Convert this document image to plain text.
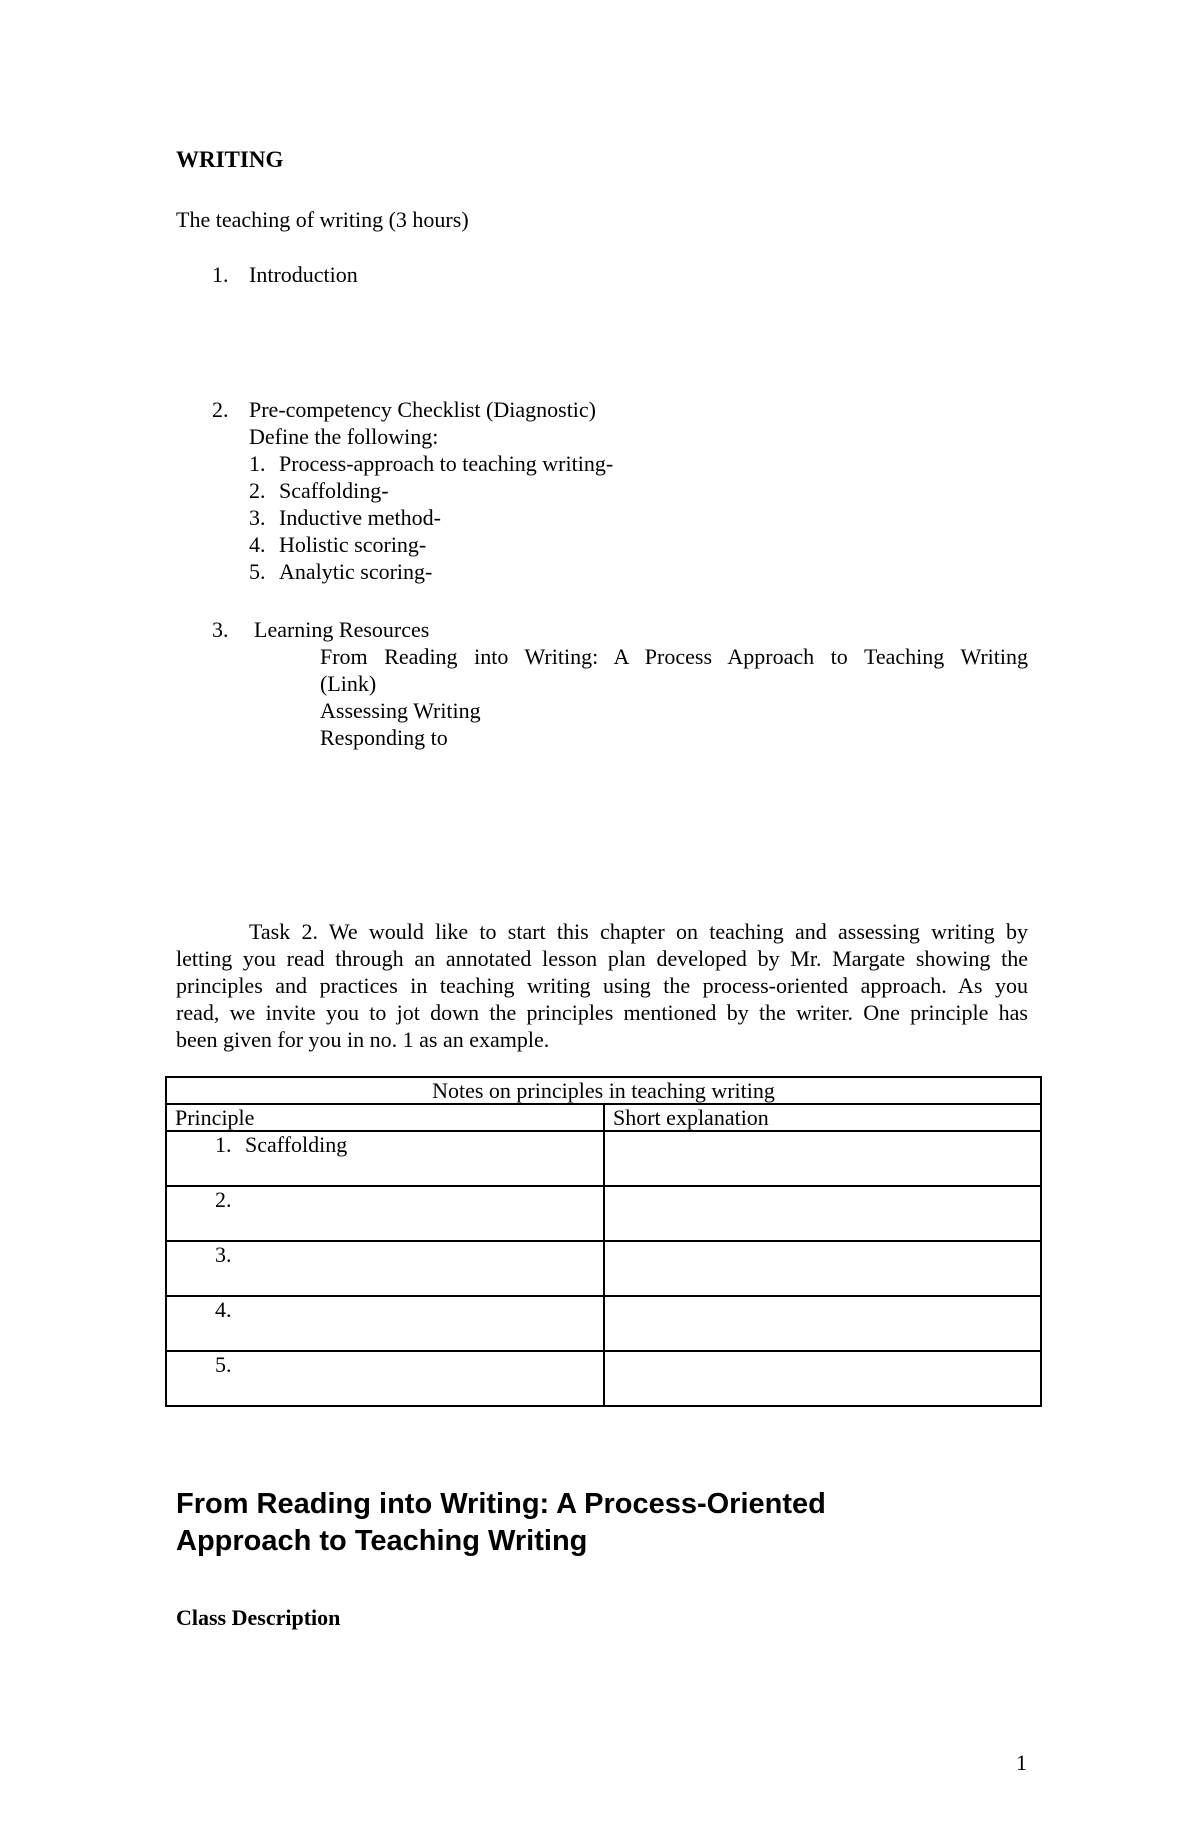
WRITING
The teaching of writing (3 hours)
1. Introduction
2. Pre-competency Checklist (Diagnostic)
Define the following:
1. Process-approach to teaching writing-
2. Scaffolding-
3. Inductive method-
4. Holistic scoring-
5. Analytic scoring-
3. Learning Resources
From Reading into Writing: A Process Approach to Teaching Writing
(Link)
Assessing Writing
Responding to
Task 2. We would like to start this chapter on teaching and assessing writing by
letting you read through an annotated lesson plan developed by Mr. Margate showing the
principles and practices in teaching writing using the process-oriented approach. As you
read, we invite you to jot down the principles mentioned by the writer. One principle has
been given for you in no. 1 as an example.
Notes on principles in teaching writing	
Principle	Short explanation
1. Scaffolding	
2.	
3.	
4.	
5.	
From Reading into Writing: A Process-Oriented
Approach to Teaching Writing
Class Description
1
